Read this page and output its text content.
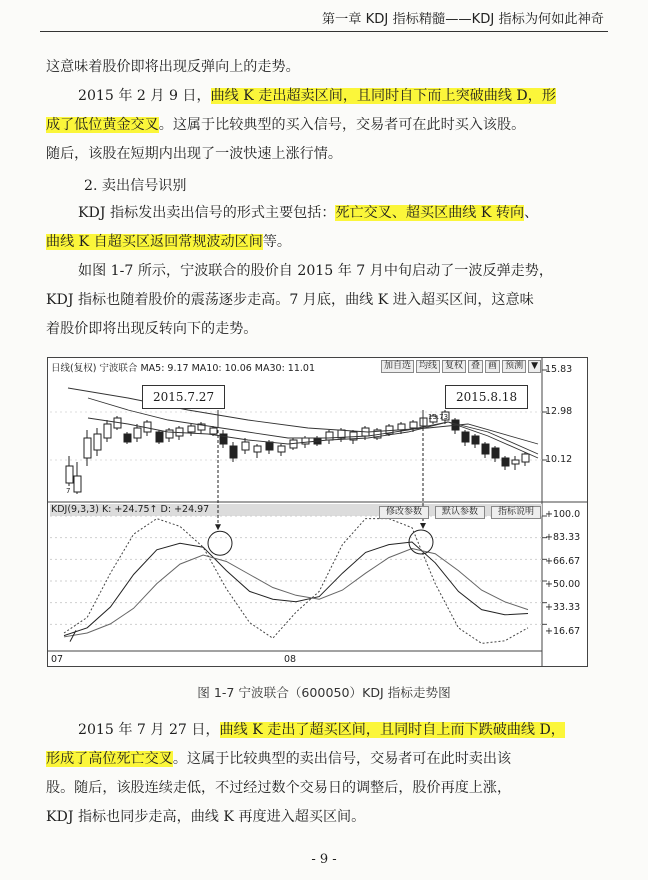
第一章 KDJ 指标精髓——KDJ 指标为何如此神奇
这意味着股价即将出现反弹向上的走势。
2015 年 2 月 9 日，曲线 K 走出超卖区间，且同时自下而上突破曲线 D，形
成了低位黄金交叉。这属于比较典型的买入信号，交易者可在此时买入该股。
随后，该股在短期内出现了一波快速上涨行情。
2. 卖出信号识别
KDJ 指标发出卖出信号的形式主要包括：死亡交叉、超买区曲线 K 转向、
曲线 K 自超买区返回常规波动区间等。
如图 1-7 所示，宁波联合的股价自 2015 年 7 月中旬启动了一波反弹走势，
KDJ 指标也随着股价的震荡逐步走高。7 月底，曲线 K 进入超买区间，这意味
着股价即将出现反转向下的走势。
日线(复权) 宁波联合 MA5: 9.17 MA10: 10.06 MA30: 11.01	加自选 均线 复权 叠 画 预测 ▼ 15.83
12.98
10.12
13.73
7
2015.7.27	2015.8.18
KDJ(9,3,3) K: +24.75↑ D: +24.97	修改参数	默认参数	指标说明	+100.0
+83.33
+66.67
+50.00
+33.33
+16.67
07	08
图 1-7 宁波联合（600050）KDJ 指标走势图
2015 年 7 月 27 日，曲线 K 走出了超买区间，且同时自上而下跌破曲线 D，
形成了高位死亡交叉。这属于比较典型的卖出信号，交易者可在此时卖出该
股。随后，该股连续走低，不过经过数个交易日的调整后，股价再度上涨，
KDJ 指标也同步走高，曲线 K 再度进入超买区间。
- 9 -
